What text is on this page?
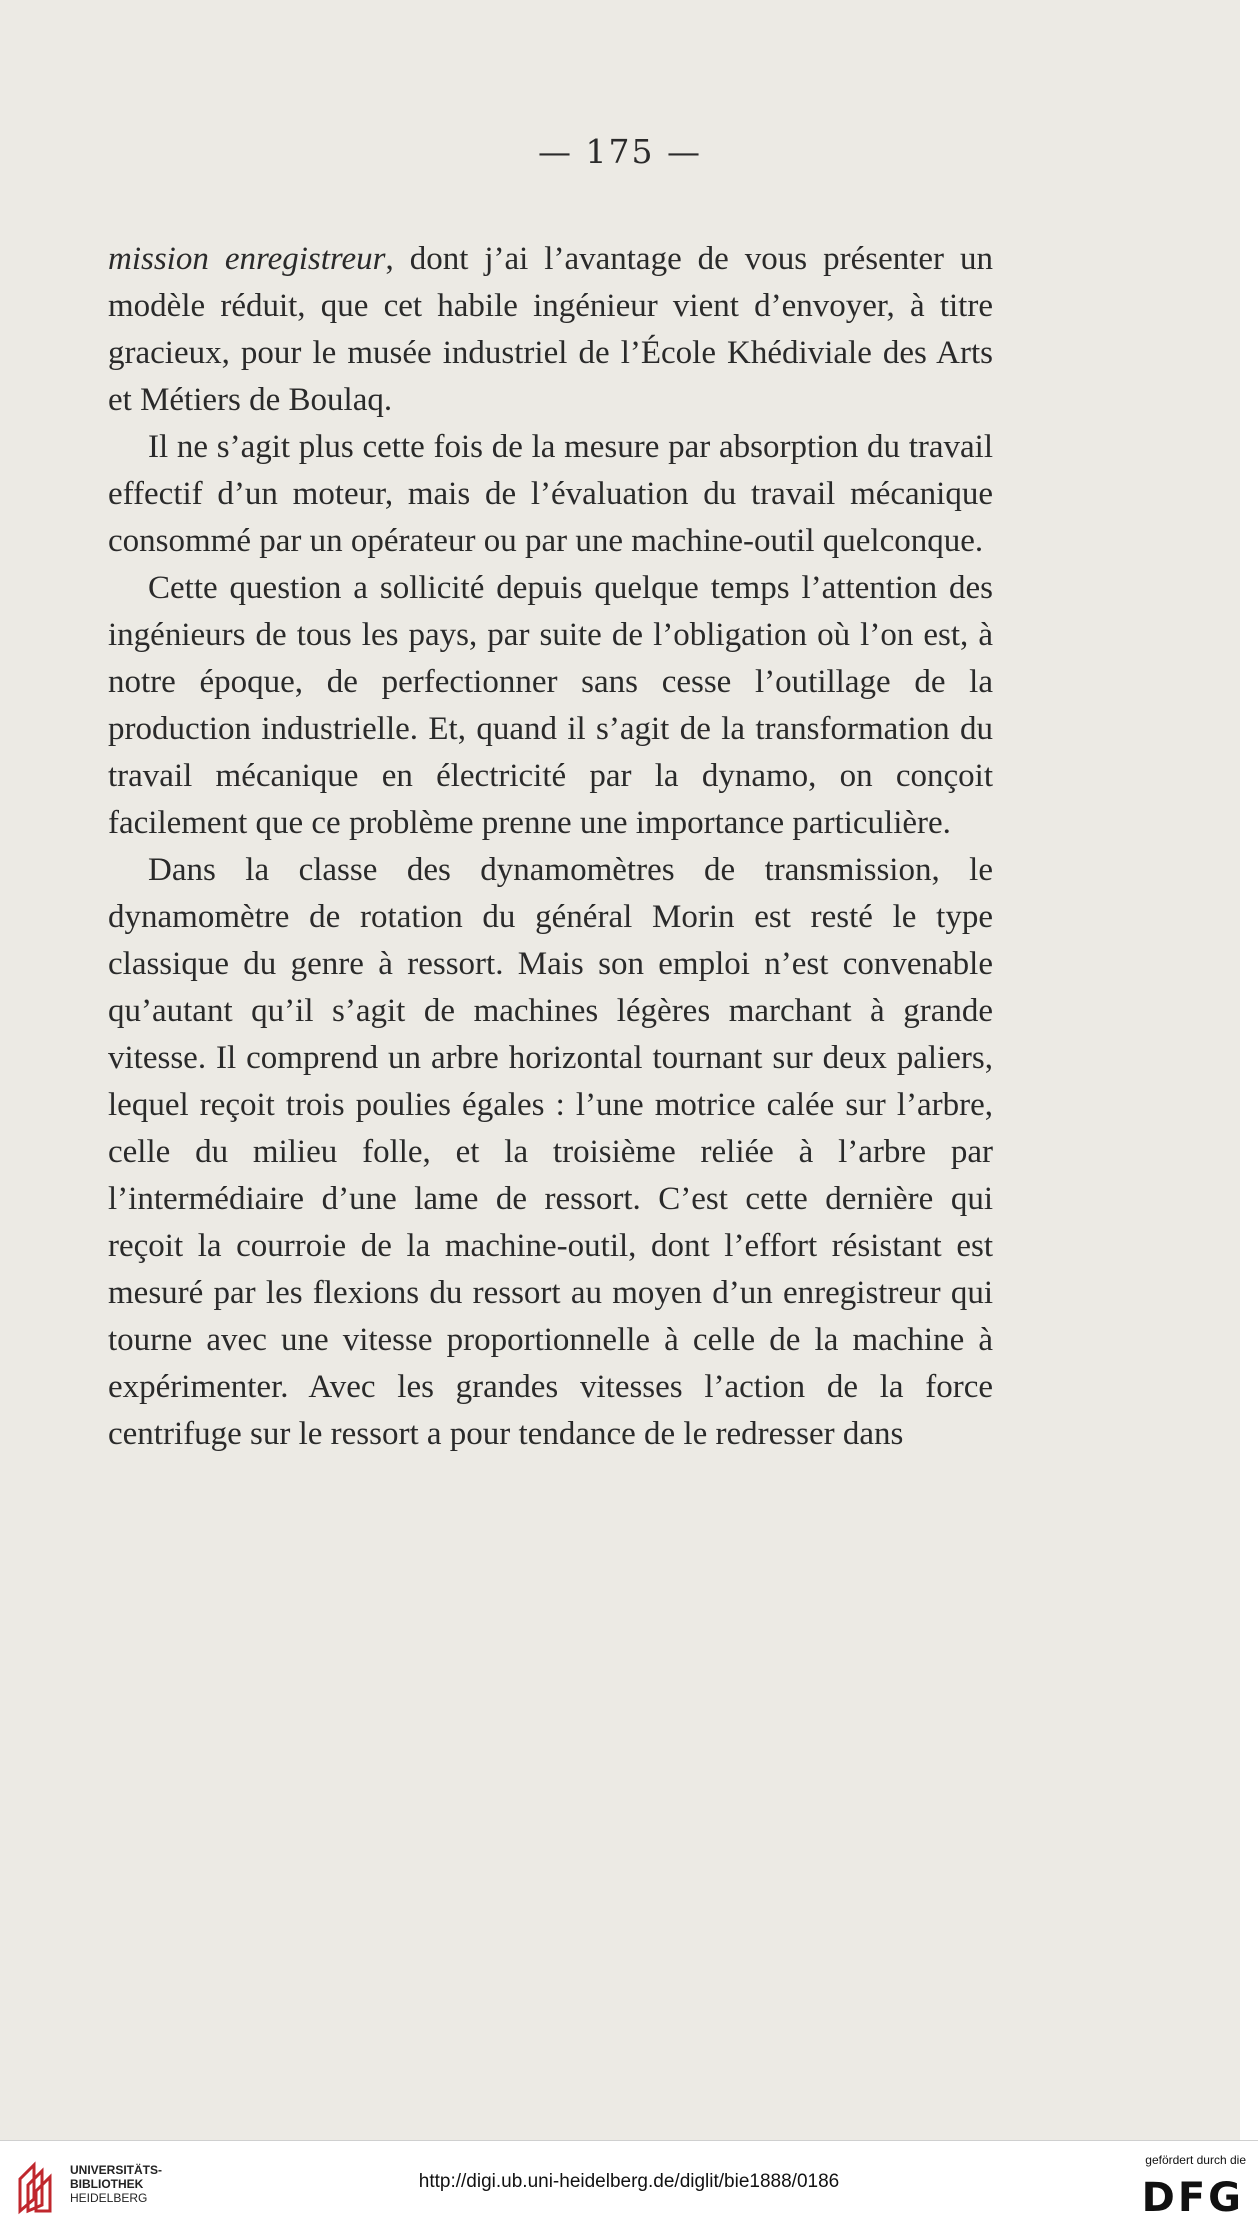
— 175 —

mission enregistreur, dont j’ai l’avantage de vous présenter un modèle réduit, que cet habile ingénieur vient d’envoyer, à titre gracieux, pour le musée industriel de l’École Khédiviale des Arts et Métiers de Boulaq.

Il ne s’agit plus cette fois de la mesure par absorption du travail effectif d’un moteur, mais de l’évaluation du travail mécanique consommé par un opérateur ou par une machine-outil quelconque.

Cette question a sollicité depuis quelque temps l’attention des ingénieurs de tous les pays, par suite de l’obligation où l’on est, à notre époque, de perfectionner sans cesse l’outillage de la production industrielle. Et, quand il s’agit de la transformation du travail mécanique en électricité par la dynamo, on conçoit facilement que ce problème prenne une importance particulière.

Dans la classe des dynamomètres de transmission, le dynamomètre de rotation du général Morin est resté le type classique du genre à ressort. Mais son emploi n’est convenable qu’autant qu’il s’agit de machines légères marchant à grande vitesse. Il comprend un arbre horizontal tournant sur deux paliers, lequel reçoit trois poulies égales : l’une motrice calée sur l’arbre, celle du milieu folle, et la troisième reliée à l’arbre par l’intermédiaire d’une lame de ressort. C’est cette dernière qui reçoit la courroie de la machine-outil, dont l’effort résistant est mesuré par les flexions du ressort au moyen d’un enregistreur qui tourne avec une vitesse proportionnelle à celle de la machine à expérimenter. Avec les grandes vitesses l’action de la force centrifuge sur le ressort a pour tendance de le redresser dans

UNIVERSITÄTS-
BIBLIOTHEK
HEIDELBERG
http://digi.ub.uni-heidelberg.de/diglit/bie1888/0186
gefördert durch die
DFG
